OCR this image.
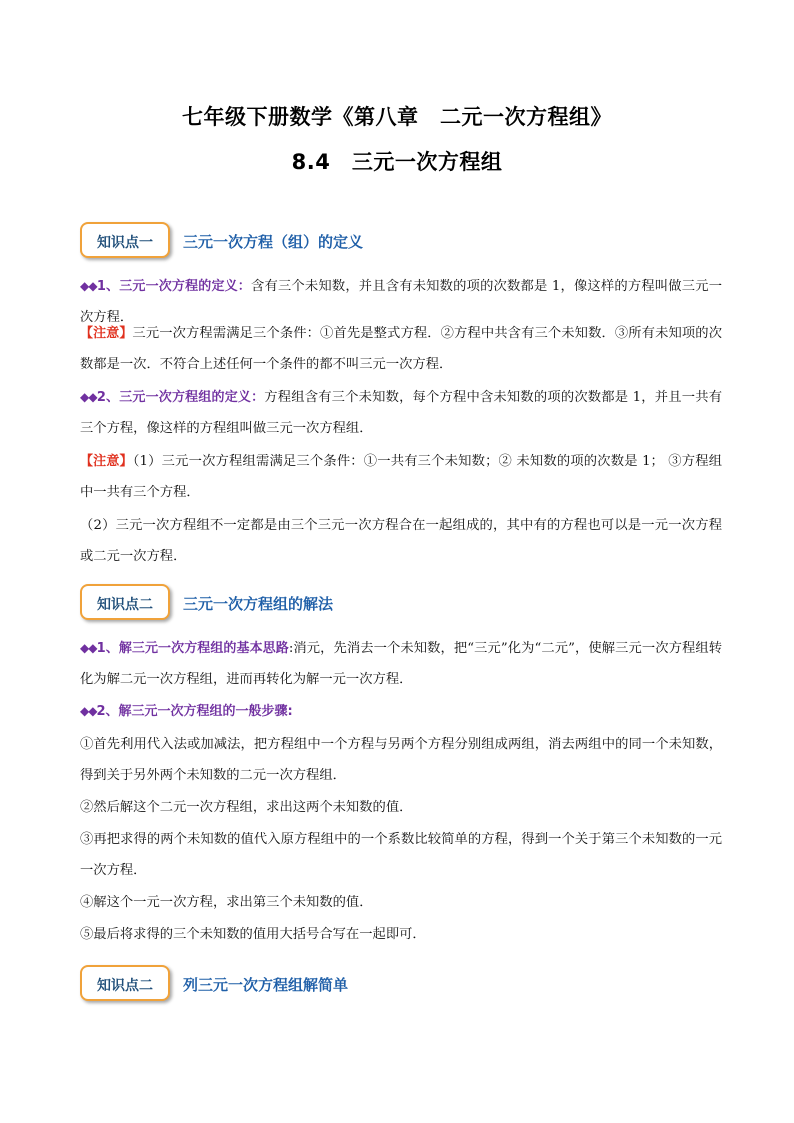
七年级下册数学《第八章　二元一次方程组》
8.4　三元一次方程组
知识点一	三元一次方程（组）的定义
◆◆1、三元一次方程的定义：含有三个未知数，并且含有未知数的项的次数都是 1，像这样的方程叫做三元一次方程．
【注意】三元一次方程需满足三个条件：①首先是整式方程．②方程中共含有三个未知数．③所有未知项的次数都是一次．不符合上述任何一个条件的都不叫三元一次方程．
◆◆2、三元一次方程组的定义：方程组含有三个未知数，每个方程中含未知数的项的次数都是 1，并且一共有三个方程，像这样的方程组叫做三元一次方程组．
【注意】（1）三元一次方程组需满足三个条件：①一共有三个未知数；② 未知数的项的次数是 1； ③方程组中一共有三个方程．
（2）三元一次方程组不一定都是由三个三元一次方程合在一起组成的，其中有的方程也可以是一元一次方程或二元一次方程．
知识点二	三元一次方程组的解法
◆◆1、解三元一次方程组的基本思路:消元，先消去一个未知数，把“三元”化为“二元”，使解三元一次方程组转化为解二元一次方程组，进而再转化为解一元一次方程．
◆◆2、解三元一次方程组的一般步骤:
①首先利用代入法或加减法，把方程组中一个方程与另两个方程分别组成两组，消去两组中的同一个未知数，得到关于另外两个未知数的二元一次方程组．
②然后解这个二元一次方程组，求出这两个未知数的值．
③再把求得的两个未知数的值代入原方程组中的一个系数比较简单的方程，得到一个关于第三个未知数的一元一次方程．
④解这个一元一次方程，求出第三个未知数的值．
⑤最后将求得的三个未知数的值用大括号合写在一起即可．
知识点二	列三元一次方程组解简单
